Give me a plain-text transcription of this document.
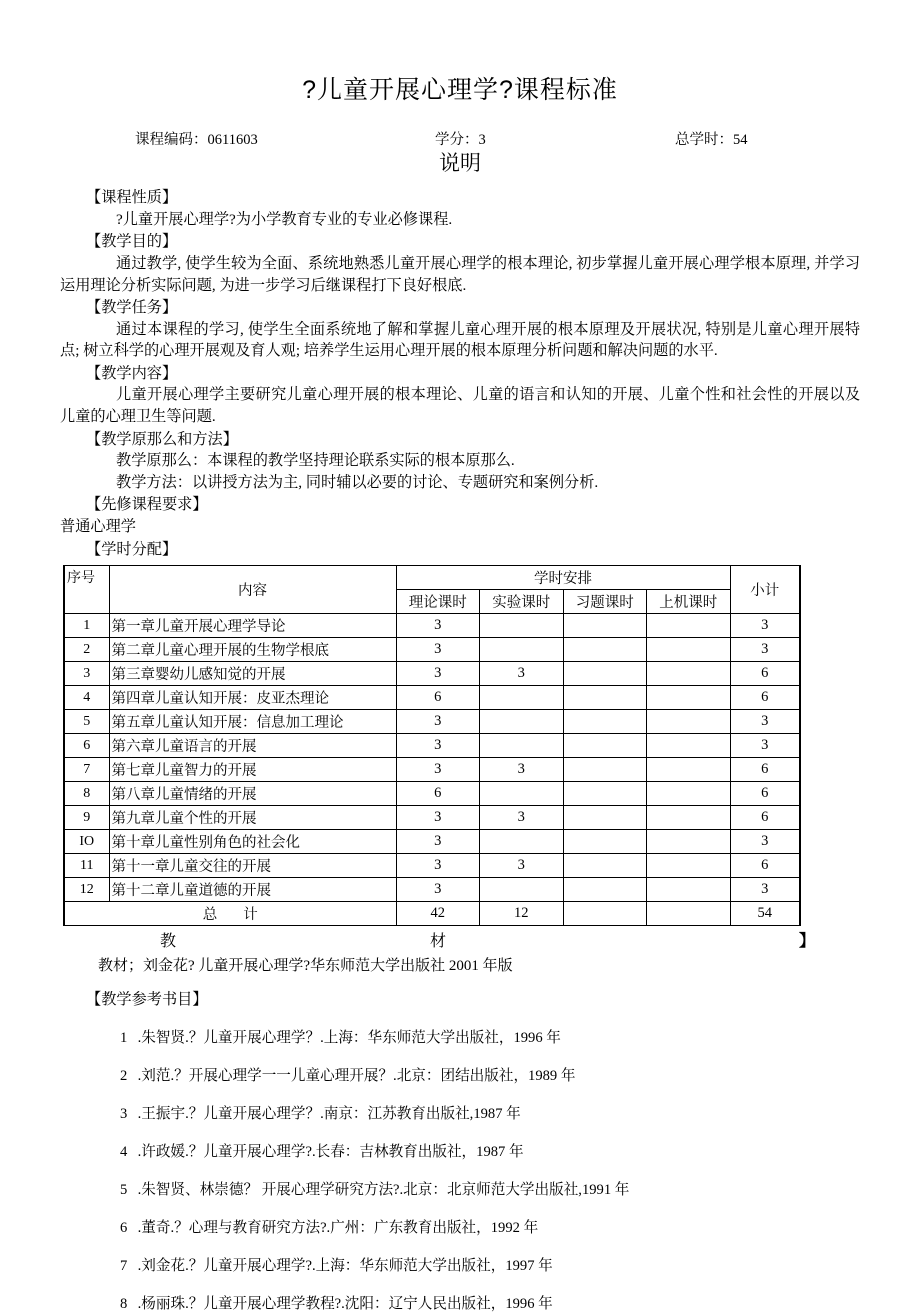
?儿童开展心理学?课程标准
课程编码：0611603	学分：3	总学时：54
说明
【课程性质】
?儿童开展心理学?为小学教育专业的专业必修课程.
【教学目的】
通过教学, 使学生较为全面、系统地熟悉儿童开展心理学的根本理论, 初步掌握儿童开展心理学根本原理, 并学习运用理论分析实际问题, 为进一步学习后继课程打下良好根底.
【教学任务】
通过本课程的学习, 使学生全面系统地了解和掌握儿童心理开展的根本原理及开展状况, 特别是儿童心理开展特点; 树立科学的心理开展观及育人观; 培养学生运用心理开展的根本原理分析问题和解决问题的水平.
【教学内容】
儿童开展心理学主要研究儿童心理开展的根本理论、儿童的语言和认知的开展、儿童个性和社会性的开展以及儿童的心理卫生等问题.
【教学原那么和方法】
教学原那么：本课程的教学坚持理论联系实际的根本原那么.
教学方法：以讲授方法为主, 同时辅以必要的讨论、专题研究和案例分析.
【先修课程要求】
普通心理学
【学时分配】
序号	内容	学时安排				小计
		理论课时	实验课时	习题课时	上机课时	
1	第一章儿童开展心理学导论	3				3
2	第二章儿童心理开展的生物学根底	3				3
3	第三章婴幼儿感知觉的开展	3	3			6
4	第四章儿童认知开展：皮亚杰理论	6				6
5	第五章儿童认知开展：信息加工理论	3				3
6	第六章儿童语言的开展	3				3
7	第七章儿童智力的开展	3	3			6
8	第八章儿童情绪的开展	6				6
9	第九章儿童个性的开展	3	3			6
IO	第十章儿童性别角色的社会化	3				3
11	第十一章儿童交往的开展	3	3			6
12	第十二章儿童道德的开展	3				3
总 计		42	12			54
教	材	】
教材；刘金花? 儿童开展心理学?华东师范大学出版社 2001 年版
【教学参考书目】
1 .朱智贤.？儿童开展心理学？.上海：华东师范大学出版社，1996 年
2 .刘范.？开展心理学一一儿童心理开展？.北京：团结出版社，1989 年
3 .王振宇.？儿童开展心理学？.南京：江苏教育出版社,1987 年
4 .许政媛.？儿童开展心理学?.长春：吉林教育出版社，1987 年
5 .朱智贤、林崇德？ 开展心理学研究方法?.北京：北京师范大学出版社,1991 年
6 .董奇.？心理与教育研究方法?.广州：广东教育出版社，1992 年
7 .刘金花.？儿童开展心理学?.上海：华东师范大学出版社，1997 年
8 .杨丽珠.？儿童开展心理学教程?.沈阳：辽宁人民出版社，1996 年
